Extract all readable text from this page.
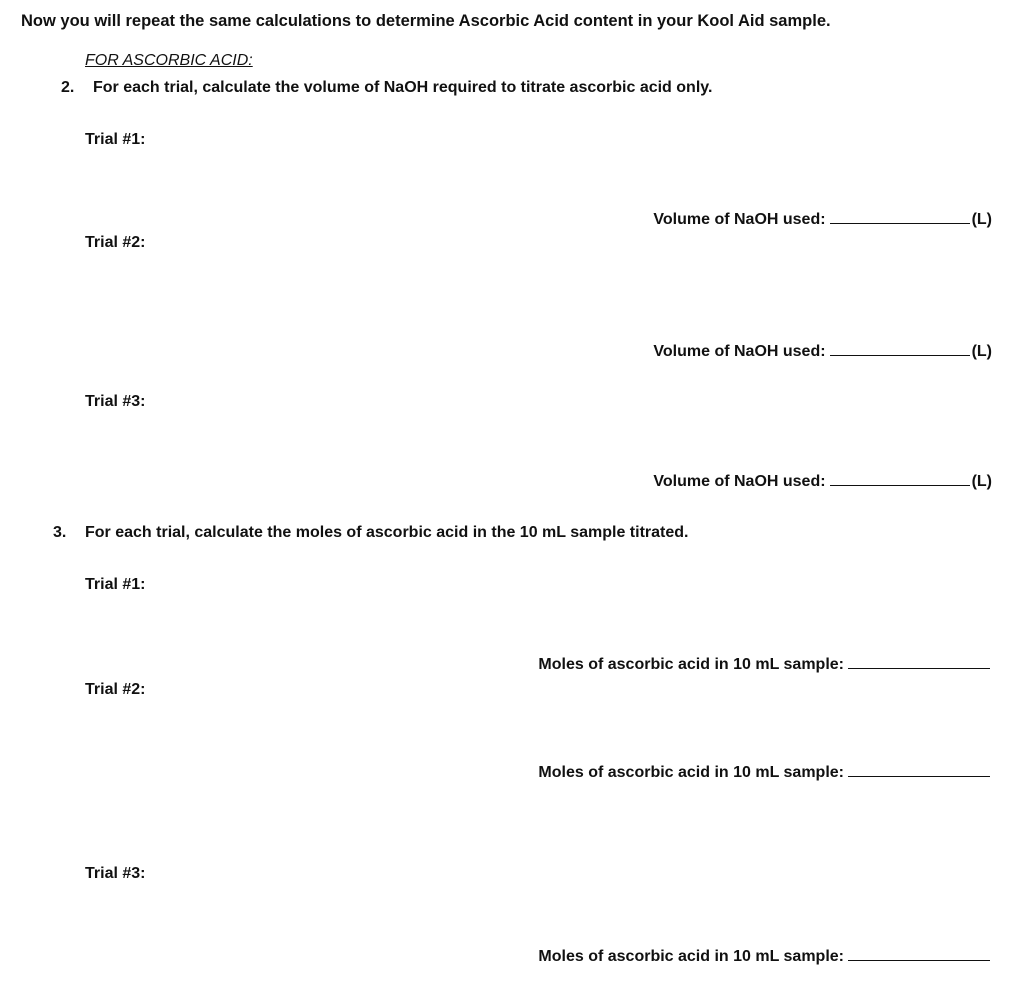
Now you will repeat the same calculations to determine Ascorbic Acid content in your Kool Aid sample.
FOR ASCORBIC ACID:
2. For each trial, calculate the volume of NaOH required to titrate ascorbic acid only.
Trial #1:
Volume of NaOH used:	(L)
Trial #2:
Volume of NaOH used:	(L)
Trial #3:
Volume of NaOH used:	(L)
3. For each trial, calculate the moles of ascorbic acid in the 10 mL sample titrated.
Trial #1:
Moles of ascorbic acid in 10 mL sample:
Trial #2:
Moles of ascorbic acid in 10 mL sample:
Trial #3:
Moles of ascorbic acid in 10 mL sample:
